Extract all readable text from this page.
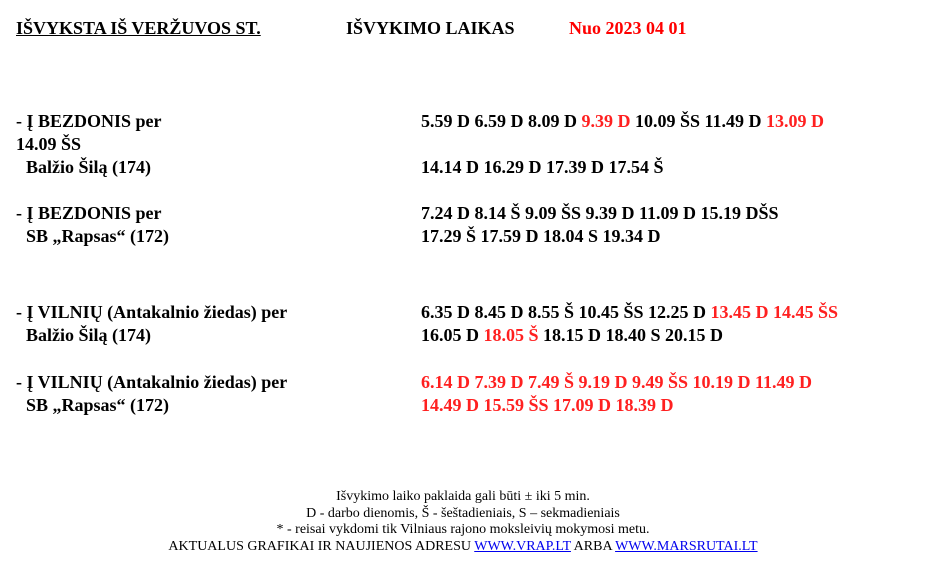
IŠVYKSTA IŠ VERŽUVOS ST.	IŠVYKIMO LAIKAS	Nuo 2023 04 01
- Į BEZDONIS per
14.09 ŠS
Balžio Šilą (174)
5.59 D 6.59 D 8.09 D 9.39 D 10.09 ŠS 11.49 D 13.09 D
14.14 D 16.29 D 17.39 D 17.54 Š
- Į BEZDONIS per
SB „Rapsas“ (172)
7.24 D 8.14 Š 9.09 ŠS 9.39 D 11.09 D 15.19 DŠS
17.29 Š 17.59 D 18.04 S 19.34 D
- Į VILNIŲ (Antakalnio žiedas) per
Balžio Šilą (174)
6.35 D 8.45 D 8.55 Š 10.45 ŠS 12.25 D 13.45 D 14.45 ŠS
16.05 D 18.05 Š 18.15 D 18.40 S 20.15 D
- Į VILNIŲ (Antakalnio žiedas) per
SB „Rapsas“ (172)
6.14 D 7.39 D 7.49 Š 9.19 D 9.49 ŠS 10.19 D 11.49 D
14.49 D 15.59 ŠS 17.09 D 18.39 D
Išvykimo laiko paklaida gali būti ± iki 5 min.
D - darbo dienomis, Š - šeštadieniais, S – sekmadieniais
* - reisai vykdomi tik Vilniaus rajono moksleivių mokymosi metu.
AKTUALUS GRAFIKAI IR NAUJIENOS ADRESU WWW.VRAP.LT ARBA WWW.MARSRUTAI.LT
